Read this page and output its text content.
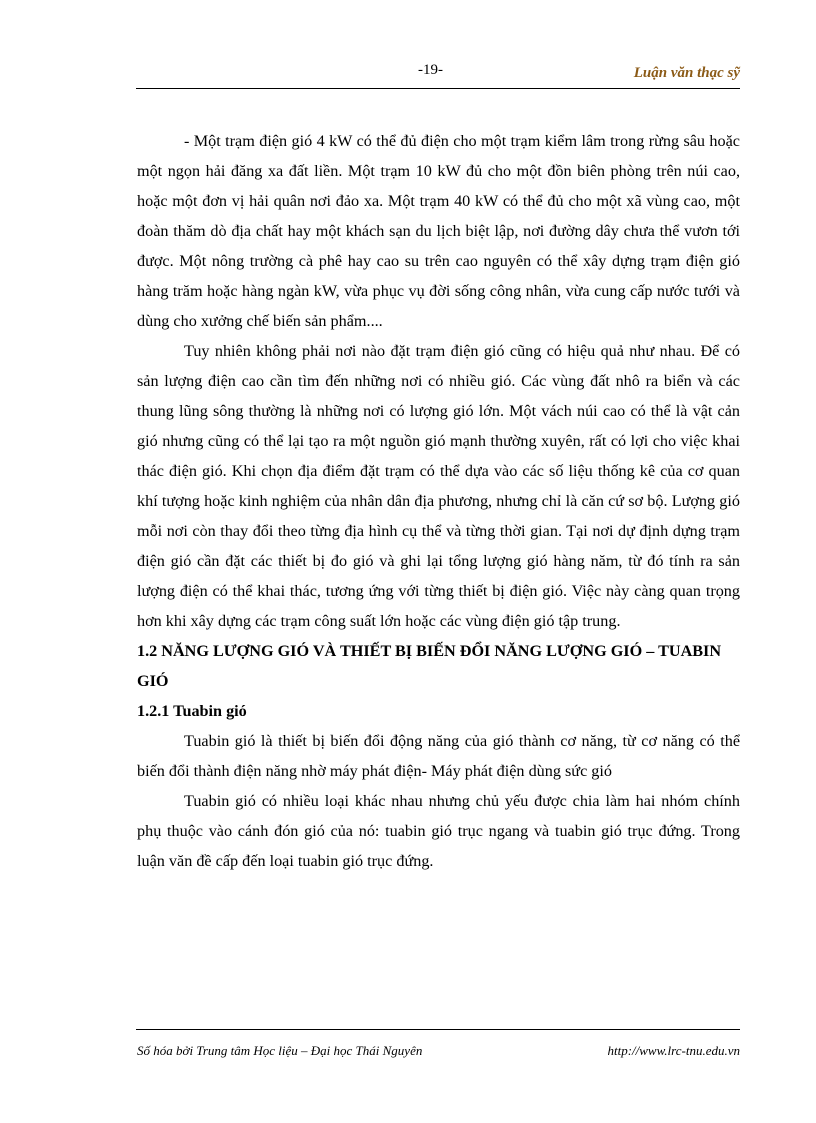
-19-	Luận văn thạc sỹ

- Một trạm điện gió 4 kW có thể đủ điện cho một trạm kiểm lâm trong rừng sâu hoặc một ngọn hải đăng xa đất liền. Một trạm 10 kW đủ cho một đồn biên phòng trên núi cao, hoặc một đơn vị hải quân nơi đảo xa. Một trạm 40 kW có thể đủ cho một xã vùng cao, một đoàn thăm dò địa chất hay một khách sạn du lịch biệt lập, nơi đường dây chưa thể vươn tới được. Một nông trường cà phê hay cao su trên cao nguyên có thể xây dựng trạm điện gió hàng trăm hoặc hàng ngàn kW, vừa phục vụ đời sống công nhân, vừa cung cấp nước tưới và dùng cho xưởng chế biến sản phẩm....

Tuy nhiên không phải nơi nào đặt trạm điện gió cũng có hiệu quả như nhau. Để có sản lượng điện cao cần tìm đến những nơi có nhiều gió. Các vùng đất nhô ra biển và các thung lũng sông thường là những nơi có lượng gió lớn. Một vách núi cao có thể là vật cản gió nhưng cũng có thể lại tạo ra một nguồn gió mạnh thường xuyên, rất có lợi cho việc khai thác điện gió. Khi chọn địa điểm đặt trạm có thể dựa vào các số liệu thống kê của cơ quan khí tượng hoặc kinh nghiệm của nhân dân địa phương, nhưng chỉ là căn cứ sơ bộ. Lượng gió mỗi nơi còn thay đổi theo từng địa hình cụ thể và từng thời gian. Tại nơi dự định dựng trạm điện gió cần đặt các thiết bị đo gió và ghi lại tổng lượng gió hàng năm, từ đó tính ra sản lượng điện có thể khai thác, tương ứng với từng thiết bị điện gió. Việc này càng quan trọng hơn khi xây dựng các trạm công suất lớn hoặc các vùng điện gió tập trung.

1.2 NĂNG LƯỢNG GIÓ VÀ THIẾT BỊ BIẾN ĐỔI NĂNG LƯỢNG GIÓ – TUABIN GIÓ
1.2.1 Tuabin gió

Tuabin gió là thiết bị biến đổi động năng của gió thành cơ năng, từ cơ năng có thể biến đổi thành điện năng nhờ máy phát điện- Máy phát điện dùng sức gió

Tuabin gió có nhiều loại khác nhau nhưng chủ yếu được chia làm hai nhóm chính phụ thuộc vào cánh đón gió của nó: tuabin gió trục ngang và tuabin gió trục đứng. Trong luận văn đề cấp đến loại tuabin gió trục đứng.

Số hóa bởi Trung tâm Học liệu – Đại học Thái Nguyên	http://www.lrc-tnu.edu.vn
